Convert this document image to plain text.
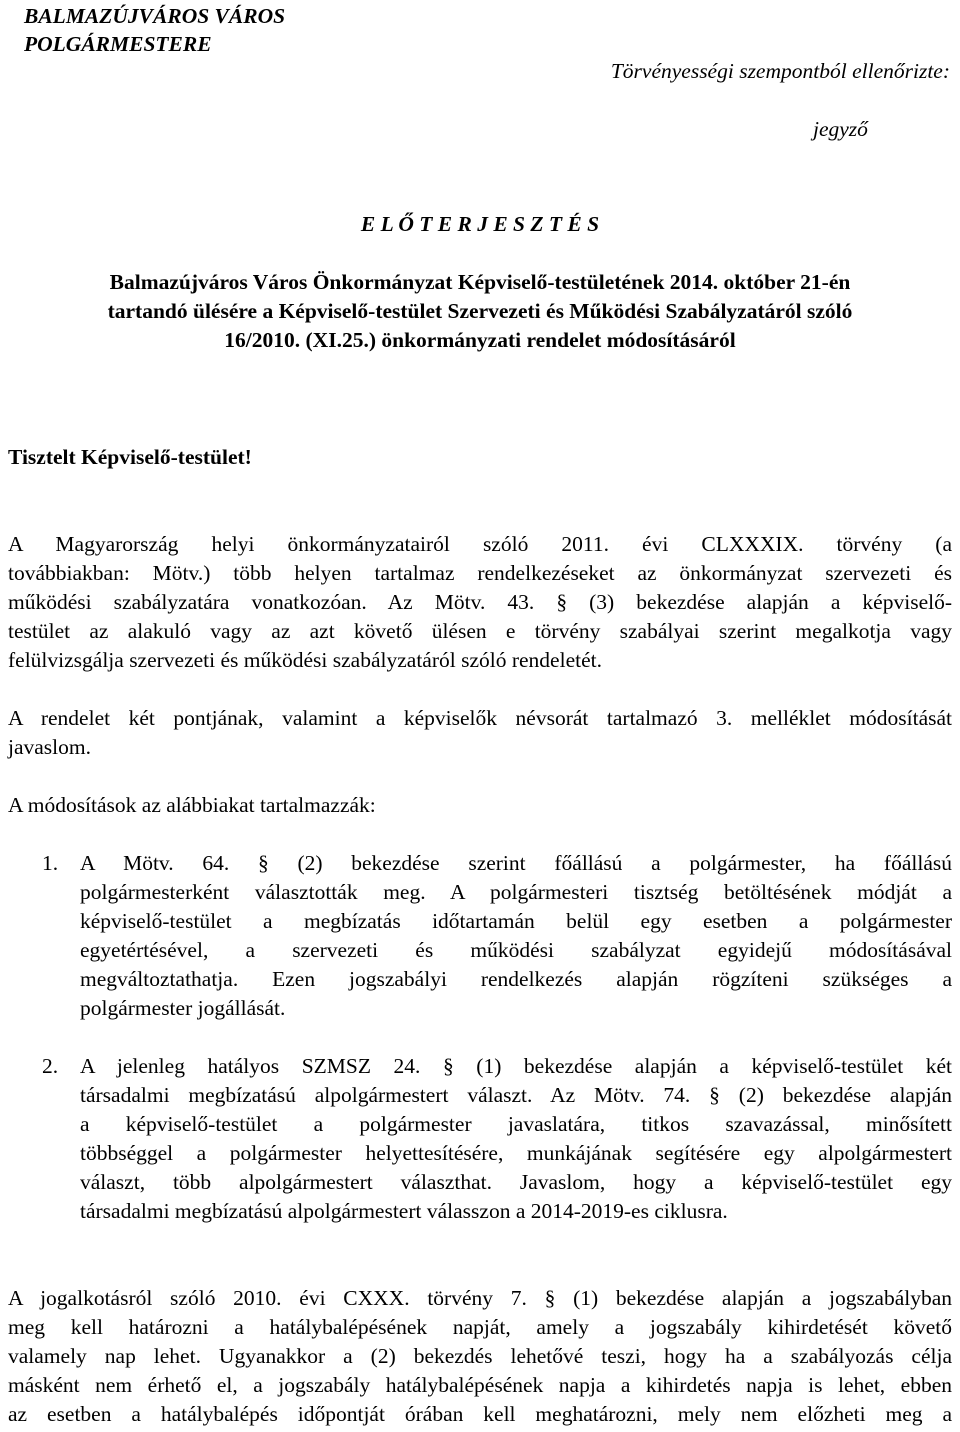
BALMAZÚJVÁROS VÁROS
POLGÁRMESTERE
Törvényességi szempontból ellenőrizte:
jegyző
E L Ő T E R J E S Z T É S
Balmazújváros Város Önkormányzat Képviselő-testületének 2014. október 21-én
tartandó ülésére a Képviselő-testület Szervezeti és Működési Szabályzatáról szóló
16/2010. (XI.25.) önkormányzati rendelet módosításáról
Tisztelt Képviselő-testület!
A Magyarország helyi önkormányzatairól szóló 2011. évi CLXXXIX. törvény (a
továbbiakban: Mötv.) több helyen tartalmaz rendelkezéseket az önkormányzat szervezeti és
működési szabályzatára vonatkozóan. Az Mötv. 43. § (3) bekezdése alapján a képviselő-
testület az alakuló vagy az azt követő ülésen e törvény szabályai szerint megalkotja vagy
felülvizsgálja szervezeti és működési szabályzatáról szóló rendeletét.
A rendelet két pontjának, valamint a képviselők névsorát tartalmazó 3. melléklet módosítását
javaslom.
A módosítások az alábbiakat tartalmazzák:
1. A Mötv. 64. § (2) bekezdése szerint főállású a polgármester, ha főállású
polgármesterként választották meg. A polgármesteri tisztség betöltésének módját a
képviselő-testület a megbízatás időtartamán belül egy esetben a polgármester
egyetértésével, a szervezeti és működési szabályzat egyidejű módosításával
megváltoztathatja. Ezen jogszabályi rendelkezés alapján rögzíteni szükséges a
polgármester jogállását.
2. A jelenleg hatályos SZMSZ 24. § (1) bekezdése alapján a képviselő-testület két
társadalmi megbízatású alpolgármestert választ. Az Mötv. 74. § (2) bekezdése alapján
a képviselő-testület a polgármester javaslatára, titkos szavazással, minősített
többséggel a polgármester helyettesítésére, munkájának segítésére egy alpolgármestert
választ, több alpolgármestert választhat. Javaslom, hogy a képviselő-testület egy
társadalmi megbízatású alpolgármestert válasszon a 2014-2019-es ciklusra.
A jogalkotásról szóló 2010. évi CXXX. törvény 7. § (1) bekezdése alapján a jogszabályban
meg kell határozni a hatálybalépésének napját, amely a jogszabály kihirdetését követő
valamely nap lehet. Ugyanakkor a (2) bekezdés lehetővé teszi, hogy ha a szabályozás célja
másként nem érhető el, a jogszabály hatálybalépésének napja a kihirdetés napja is lehet, ebben
az esetben a hatálybalépés időpontját órában kell meghatározni, mely nem előzheti meg a
